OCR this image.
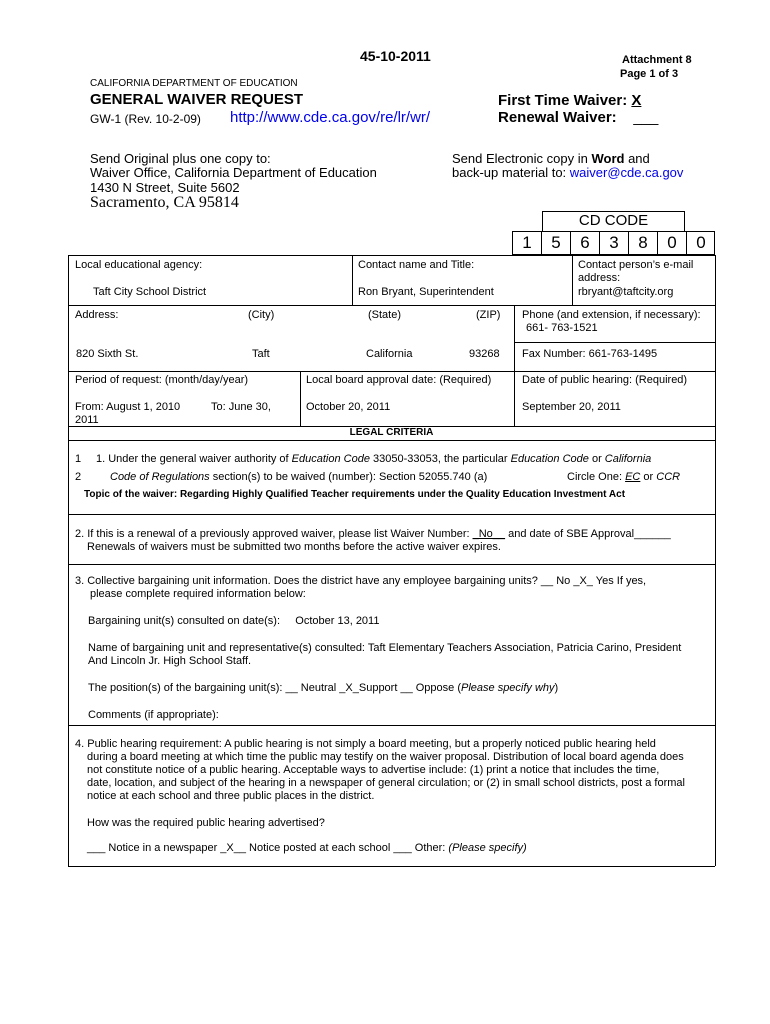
45-10-2011	Attachment 8
Page 1 of 3
CALIFORNIA DEPARTMENT OF EDUCATION
GENERAL WAIVER REQUEST
GW-1 (Rev. 10-2-09) http://www.cde.ca.gov/re/lr/wr/
First Time Waiver: X
Renewal Waiver: ___
Send Original plus one copy to:
Waiver Office, California Department of Education
1430 N Street, Suite 5602
Sacramento, CA 95814
Send Electronic copy in Word and
back-up material to: waiver@cde.ca.gov
CD CODE
1	5	6	3	8	0	0
Local educational agency:
Taft City School District
Contact name and Title:
Ron Bryant, Superintendent
Contact person’s e-mail
address:
rbryant@taftcity.org
Address:	(City)	(State)	(ZIP)
820 Sixth St.	Taft	California	93268
Phone (and extension, if necessary):
661- 763-1521
Fax Number: 661-763-1495
Period of request: (month/day/year)
From: August 1, 2010	To: June 30,
2011
Local board approval date: (Required)
October 20, 2011
Date of public hearing: (Required)
September 20, 2011
LEGAL CRITERIA
1
2
1. Under the general waiver authority of Education Code 33050-33053, the particular Education Code or California
Code of Regulations section(s) to be waived (number): Section 52055.740 (a)	Circle One: EC or CCR
Topic of the waiver: Regarding Highly Qualified Teacher requirements under the Quality Education Investment Act
2. If this is a renewal of a previously approved waiver, please list Waiver Number: _No__ and date of SBE Approval______
Renewals of waivers must be submitted two months before the active waiver expires.
3. Collective bargaining unit information. Does the district have any employee bargaining units? __ No _X_ Yes If yes,
please complete required information below:
Bargaining unit(s) consulted on date(s): October 13, 2011
Name of bargaining unit and representative(s) consulted: Taft Elementary Teachers Association, Patricia Carino, President
And Lincoln Jr. High School Staff.
The position(s) of the bargaining unit(s): __ Neutral _X_Support __ Oppose (Please specify why)
Comments (if appropriate):
4. Public hearing requirement: A public hearing is not simply a board meeting, but a properly noticed public hearing held
during a board meeting at which time the public may testify on the waiver proposal. Distribution of local board agenda does
not constitute notice of a public hearing. Acceptable ways to advertise include: (1) print a notice that includes the time,
date, location, and subject of the hearing in a newspaper of general circulation; or (2) in small school districts, post a formal
notice at each school and three public places in the district.
How was the required public hearing advertised?
___ Notice in a newspaper _X__ Notice posted at each school ___ Other: (Please specify)
